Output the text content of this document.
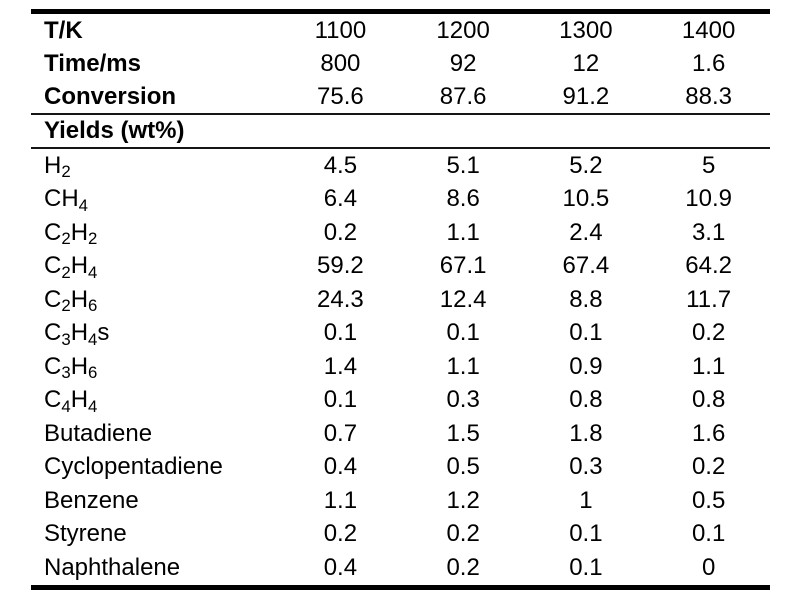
T/K	1100	1200	1300	1400
Time/ms	800	92	12	1.6
Conversion	75.6	87.6	91.2	88.3
Yields (wt%)
$H_2$	4.5	5.1	5.2	5
$CH_4$	6.4	8.6	10.5	10.9
$C_2H_2$	0.2	1.1	2.4	3.1
$C_2H_4$	59.2	67.1	67.4	64.2
$C_2H_6$	24.3	12.4	8.8	11.7
$C_3H_4s$	0.1	0.1	0.1	0.2
$C_3H_6$	1.4	1.1	0.9	1.1
$C_4H_4$	0.1	0.3	0.8	0.8
Butadiene	0.7	1.5	1.8	1.6
Cyclopentadiene	0.4	0.5	0.3	0.2
Benzene	1.1	1.2	1	0.5
Styrene	0.2	0.2	0.1	0.1
Naphthalene	0.4	0.2	0.1	0
